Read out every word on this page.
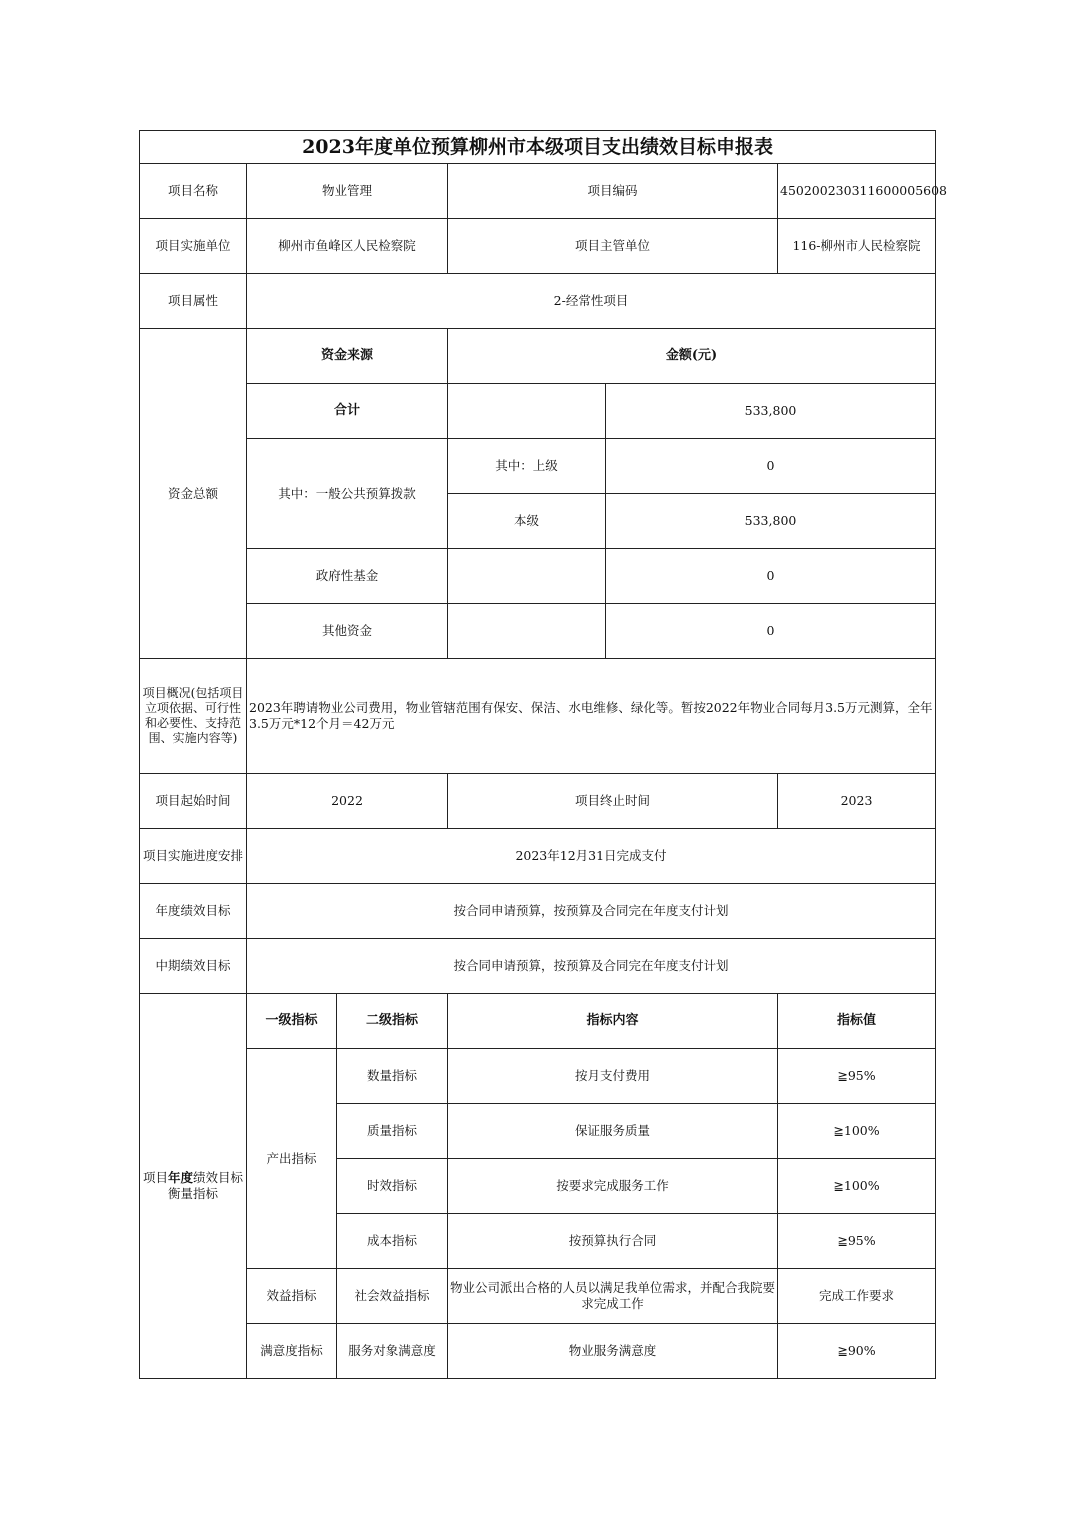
2023年度单位预算柳州市本级项目支出绩效目标申报表					
项目名称	物业管理		项目编码		450200230311600005608
项目实施单位	柳州市鱼峰区人民检察院		项目主管单位		116-柳州市人民检察院
项目属性	2-经常性项目				
资金总额	资金来源		金额(元)		
	合计			533,800	
	其中：一般公共预算拨款		其中：上级	0	
			本级	533,800	
	政府性基金			0	
	其他资金			0	
项目概况(包括项目立项依据、可行性和必要性、支持范围、实施内容等)	2023年聘请物业公司费用，物业管辖范围有保安、保洁、水电维修、绿化等。暂按2022年物业合同每月3.5万元测算，全年3.5万元*12个月＝42万元				
项目起始时间	2022		项目终止时间		2023
项目实施进度安排	2023年12月31日完成支付				
年度绩效目标	按合同申请预算，按预算及合同完在年度支付计划				
中期绩效目标	按合同申请预算，按预算及合同完在年度支付计划				
项目年度绩效目标衡量指标	一级指标	二级指标	指标内容		指标值
	产出指标	数量指标	按月支付费用		≧95%
		质量指标	保证服务质量		≧100%
		时效指标	按要求完成服务工作		≧100%
		成本指标	按预算执行合同		≧95%
	效益指标	社会效益指标	物业公司派出合格的人员以满足我单位需求，并配合我院要求完成工作		完成工作要求
	满意度指标	服务对象满意度	物业服务满意度		≧90%
